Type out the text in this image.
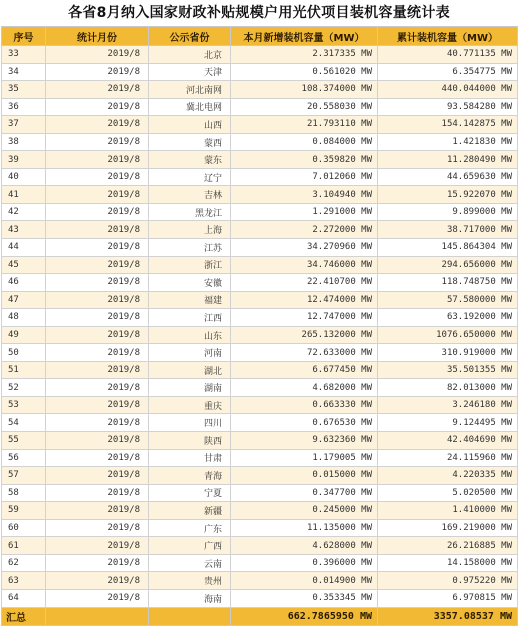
各省8月纳入国家财政补贴规模户用光伏项目装机容量统计表
序号	统计月份	公示省份	本月新增装机容量（MW）	累计装机容量（MW）
33	2019/8	北京	2.317335 MW	40.771135 MW
34	2019/8	天津	0.561020 MW	6.354775 MW
35	2019/8	河北南网	108.374000 MW	440.044000 MW
36	2019/8	冀北电网	20.558030 MW	93.584280 MW
37	2019/8	山西	21.793110 MW	154.142875 MW
38	2019/8	蒙西	0.084000 MW	1.421830 MW
39	2019/8	蒙东	0.359820 MW	11.280490 MW
40	2019/8	辽宁	7.012060 MW	44.659630 MW
41	2019/8	吉林	3.104940 MW	15.922070 MW
42	2019/8	黑龙江	1.291000 MW	9.899000 MW
43	2019/8	上海	2.272000 MW	38.717000 MW
44	2019/8	江苏	34.270960 MW	145.864304 MW
45	2019/8	浙江	34.746000 MW	294.656000 MW
46	2019/8	安徽	22.410700 MW	118.748750 MW
47	2019/8	福建	12.474000 MW	57.580000 MW
48	2019/8	江西	12.747000 MW	63.192000 MW
49	2019/8	山东	265.132000 MW	1076.650000 MW
50	2019/8	河南	72.633000 MW	310.919000 MW
51	2019/8	湖北	6.677450 MW	35.501355 MW
52	2019/8	湖南	4.682000 MW	82.013000 MW
53	2019/8	重庆	0.663330 MW	3.246180 MW
54	2019/8	四川	0.676530 MW	9.124495 MW
55	2019/8	陕西	9.632360 MW	42.404690 MW
56	2019/8	甘肃	1.179005 MW	24.115960 MW
57	2019/8	青海	0.015000 MW	4.220335 MW
58	2019/8	宁夏	0.347700 MW	5.020500 MW
59	2019/8	新疆	0.245000 MW	1.410000 MW
60	2019/8	广东	11.135000 MW	169.219000 MW
61	2019/8	广西	4.628000 MW	26.216885 MW
62	2019/8	云南	0.396000 MW	14.158000 MW
63	2019/8	贵州	0.014900 MW	0.975220 MW
64	2019/8	海南	0.353345 MW	6.970815 MW
汇总			662.7865950 MW	3357.08537 MW
